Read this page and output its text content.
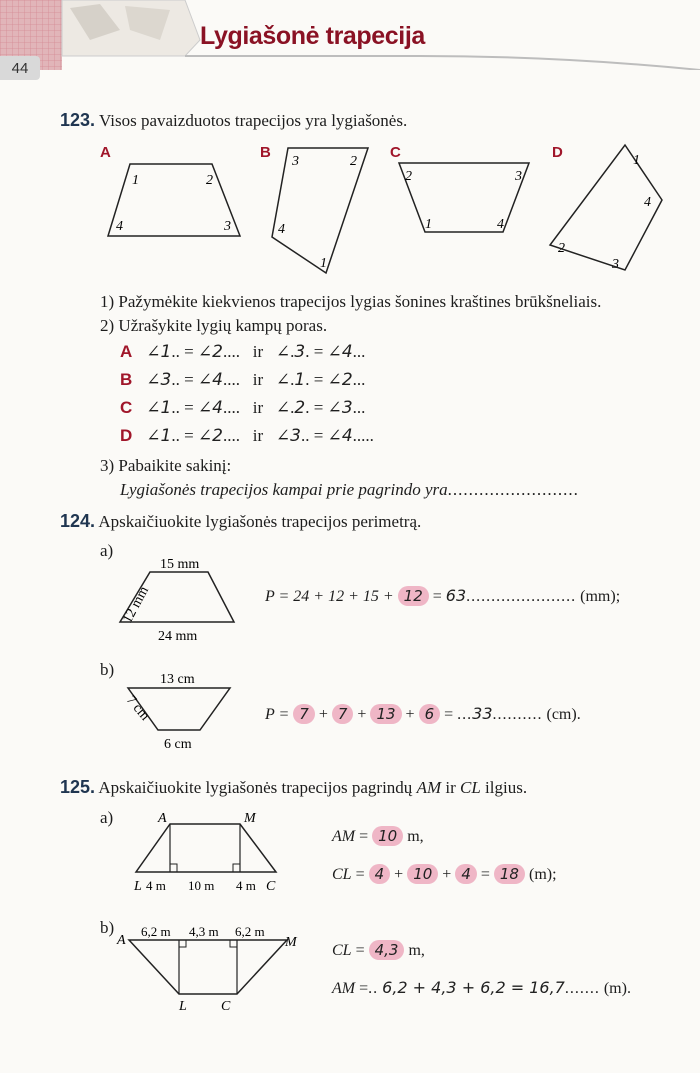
44
Lygiašonė trapecija
123. Visos pavaizduotos trapecijos yra lygiašonės.
A	B	C	D
1	2
3
4
3	2
4
1
2	3
1	4
1
4
2
3
1) Pažymėkite kiekvienos trapecijos lygias šonines kraštines brūkšneliais.
2) Užrašykite lygių kampų poras.
A ∠1.. = ∠2....   ir   ∠.3. = ∠4...
B ∠3.. = ∠4....   ir   ∠.1. = ∠2...
C ∠1.. = ∠4....   ir   ∠.2. = ∠3...
D ∠1.. = ∠2....   ir   ∠3.. = ∠4.....
3) Pabaikite sakinį:
Lygiašonės trapecijos kampai prie pagrindo yra.........................
124. Apskaičiuokite lygiašonės trapecijos perimetrą.
a)
15 mm
24 mm
12 mm	P = 24 + 12 + 15 + 12 = 63...................... (mm);
b)
13 cm
6 cm
7 cm	P = 7 + 7 + 13 + 6 = ...33.......... (cm).
125. Apskaičiuokite lygiašonės trapecijos pagrindų AM ir CL ilgius.
a)	A	M
L	C
4 m 10 m 4 m
AM = 10 m,
CL = 4 + 10 + 4 = 18 (m);
b)
A	M
L C
6,2 m 4,3 m 6,2 m
CL = 4,3 m,
AM =.. 6,2 + 4,3 + 6,2 = 16,7....... (m).
